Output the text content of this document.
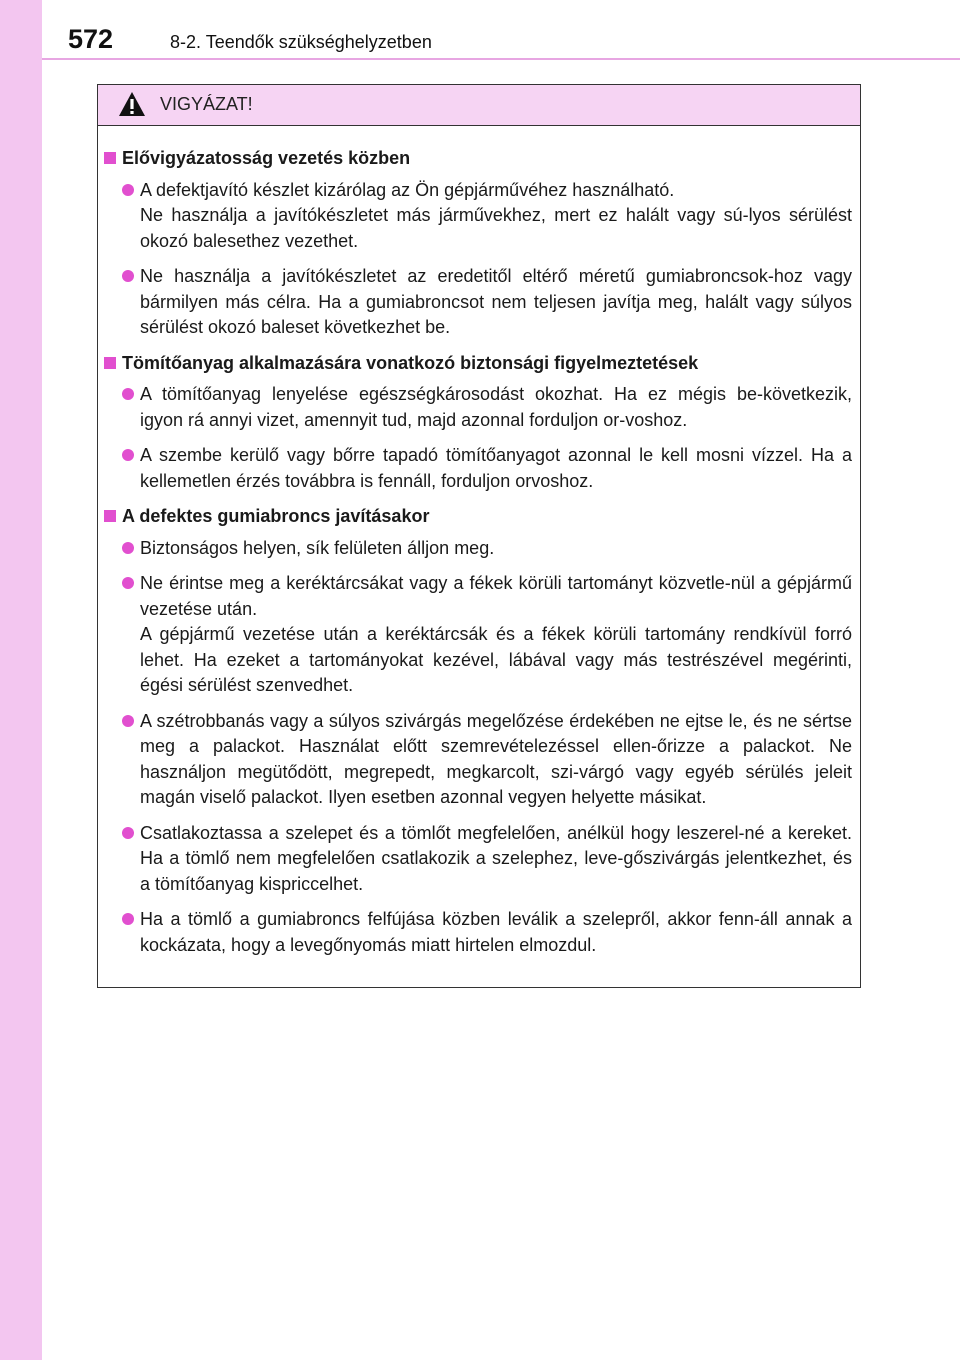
572	8-2. Teendők szükséghelyzetben
VIGYÁZAT!
Elővigyázatosság vezetés közben

A defektjavító készlet kizárólag az Ön gépjárművéhez használható.

Ne használja a javítókészletet más járművekhez, mert ez halált vagy sú-lyos sérülést okozó balesethez vezethet.

Ne használja a javítókészletet az eredetitől eltérő méretű gumiabroncsok-hoz vagy bármilyen más célra. Ha a gumiabroncsot nem teljesen javítja meg, halált vagy súlyos sérülést okozó baleset következhet be.

Tömítőanyag alkalmazására vonatkozó biztonsági figyelmeztetések

A tömítőanyag lenyelése egészségkárosodást okozhat. Ha ez mégis be-következik, igyon rá annyi vizet, amennyit tud, majd azonnal forduljon or-voshoz.

A szembe kerülő vagy bőrre tapadó tömítőanyagot azonnal le kell mosni vízzel. Ha a kellemetlen érzés továbbra is fennáll, forduljon orvoshoz.

A defektes gumiabroncs javításakor

Biztonságos helyen, sík felületen álljon meg.

Ne érintse meg a keréktárcsákat vagy a fékek körüli tartományt közvetle-nül a gépjármű vezetése után.

A gépjármű vezetése után a keréktárcsák és a fékek körüli tartomány rendkívül forró lehet. Ha ezeket a tartományokat kezével, lábával vagy más testrészével megérinti, égési sérülést szenvedhet.

A szétrobbanás vagy a súlyos szivárgás megelőzése érdekében ne ejtse le, és ne sértse meg a palackot. Használat előtt szemrevételezéssel ellen-őrizze a palackot. Ne használjon megütődött, megrepedt, megkarcolt, szi-várgó vagy egyéb sérülés jeleit magán viselő palackot. Ilyen esetben azonnal vegyen helyette másikat.

Csatlakoztassa a szelepet és a tömlőt megfelelően, anélkül hogy leszerel-né a kereket. Ha a tömlő nem megfelelően csatlakozik a szelephez, leve-gőszivárgás jelentkezhet, és a tömítőanyag kispriccelhet.

Ha a tömlő a gumiabroncs felfújása közben leválik a szelepről, akkor fenn-áll annak a kockázata, hogy a levegőnyomás miatt hirtelen elmozdul.
